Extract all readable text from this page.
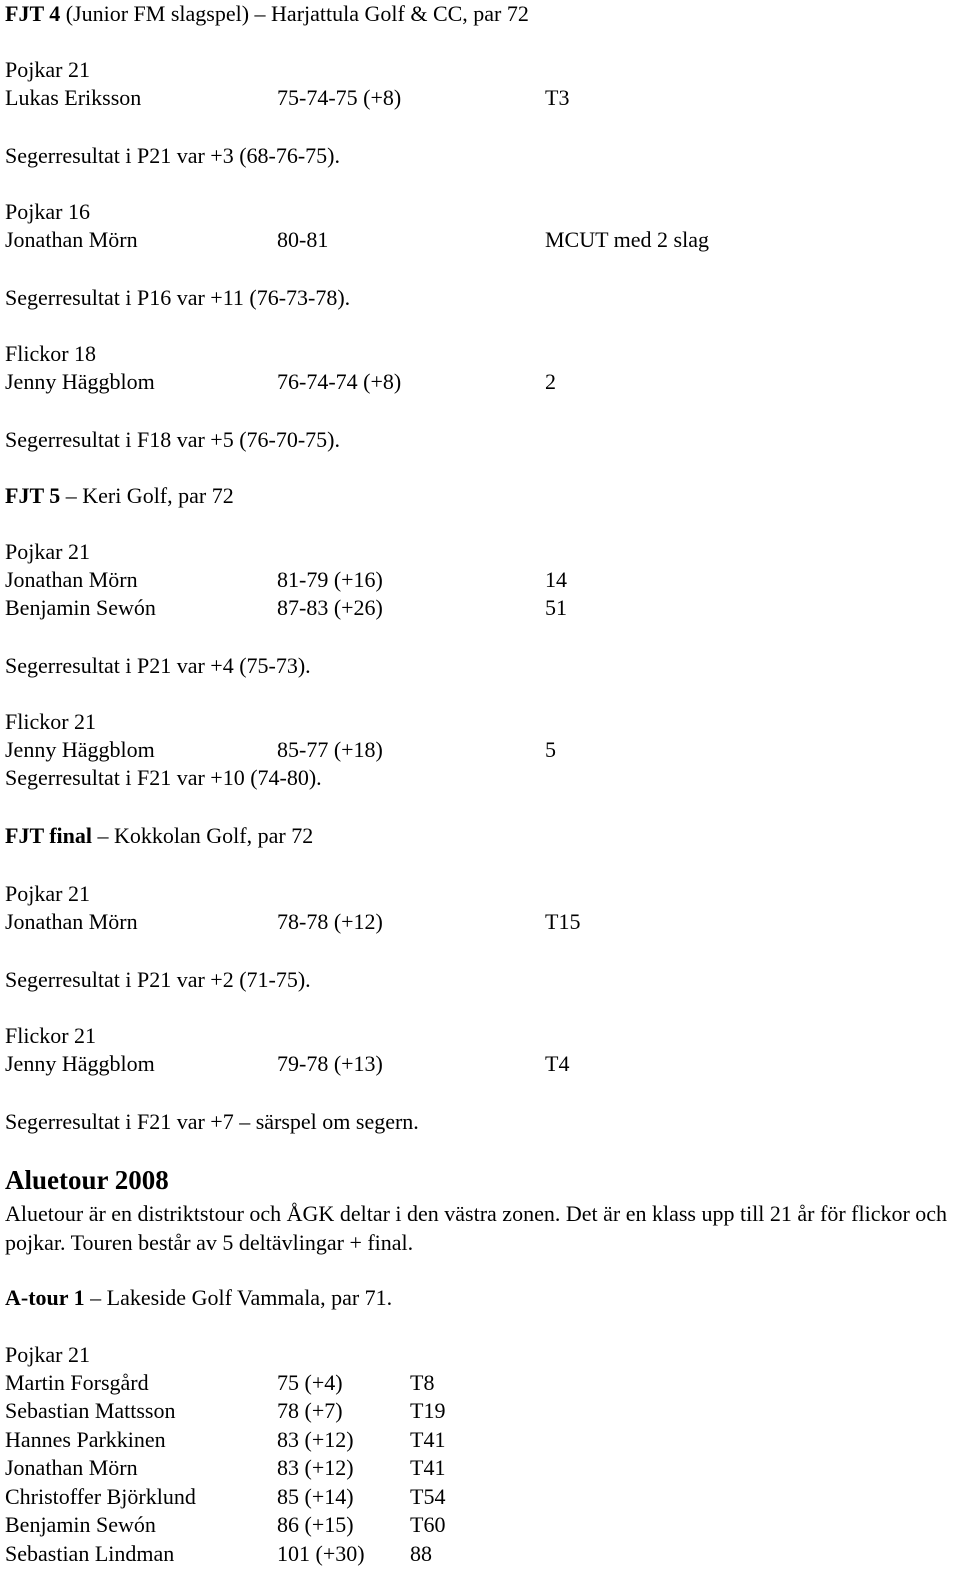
FJT 4 (Junior FM slagspel) – Harjattula Golf & CC, par 72
Pojkar 21
Lukas Eriksson	75-74-75 (+8)	T3
Segerresultat i P21 var +3 (68-76-75).
Pojkar 16
Jonathan Mörn	80-81	MCUT med 2 slag
Segerresultat i P16 var +11 (76-73-78).
Flickor 18
Jenny Häggblom	76-74-74 (+8)	2
Segerresultat i F18 var +5 (76-70-75).
FJT 5 – Keri Golf, par 72
Pojkar 21
Jonathan Mörn	81-79 (+16)	14
Benjamin Sewón	87-83 (+26)	51
Segerresultat i P21 var +4 (75-73).
Flickor 21
Jenny Häggblom	85-77 (+18)	5
Segerresultat i F21 var +10 (74-80).
FJT final – Kokkolan Golf, par 72
Pojkar 21
Jonathan Mörn	78-78 (+12)	T15
Segerresultat i P21 var +2 (71-75).
Flickor 21
Jenny Häggblom	79-78 (+13)	T4
Segerresultat i F21 var +7 – särspel om segern.
Aluetour 2008
Aluetour är en distriktstour och ÅGK deltar i den västra zonen. Det är en klass upp till 21 år för flickor och pojkar. Touren består av 5 deltävlingar + final.
A-tour 1 – Lakeside Golf Vammala, par 71.
Pojkar 21
Martin Forsgård	75 (+4)	T8
Sebastian Mattsson	78 (+7)	T19
Hannes Parkkinen	83 (+12)	T41
Jonathan Mörn	83 (+12)	T41
Christoffer Björklund	85 (+14)	T54
Benjamin Sewón	86 (+15)	T60
Sebastian Lindman	101 (+30) 88
